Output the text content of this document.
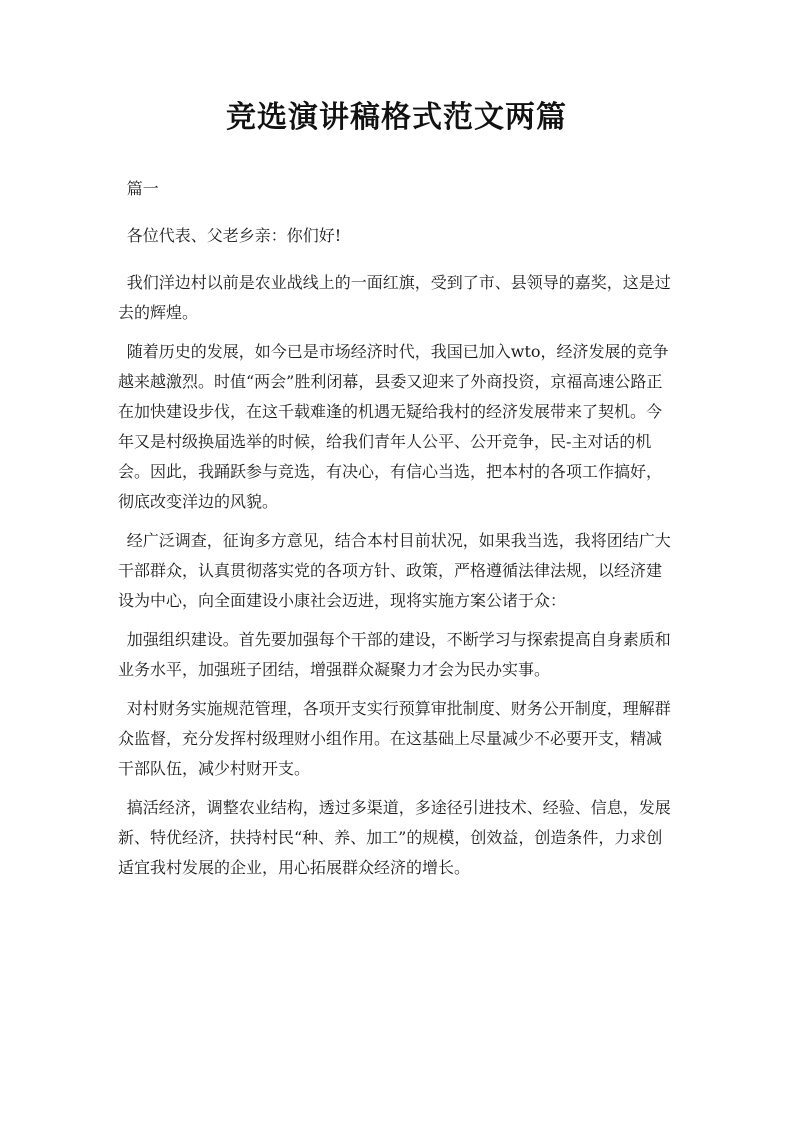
竞选演讲稿格式范文两篇

篇一

各位代表、父老乡亲：你们好!

我们洋边村以前是农业战线上的一面红旗，受到了市、县领导的嘉奖，这是过去的辉煌。

随着历史的发展，如今已是市场经济时代，我国已加入wto，经济发展的竞争越来越激烈。时值“两会”胜利闭幕，县委又迎来了外商投资，京福高速公路正在加快建设步伐，在这千载难逢的机遇无疑给我村的经济发展带来了契机。今年又是村级换届选举的时候，给我们青年人公平、公开竞争，民-主对话的机会。因此，我踊跃参与竞选，有决心，有信心当选，把本村的各项工作搞好，彻底改变洋边的风貌。

经广泛调查，征询多方意见，结合本村目前状况，如果我当选，我将团结广大干部群众，认真贯彻落实党的各项方针、政策，严格遵循法律法规，以经济建设为中心，向全面建设小康社会迈进，现将实施方案公诸于众：

加强组织建设。首先要加强每个干部的建设，不断学习与探索提高自身素质和业务水平，加强班子团结，增强群众凝聚力才会为民办实事。

对村财务实施规范管理，各项开支实行预算审批制度、财务公开制度，理解群众监督，充分发挥村级理财小组作用。在这基础上尽量减少不必要开支，精减干部队伍，减少村财开支。

搞活经济，调整农业结构，透过多渠道，多途径引进技术、经验、信息，发展新、特优经济，扶持村民“种、养、加工”的规模，创效益，创造条件，力求创适宜我村发展的企业，用心拓展群众经济的增长。
